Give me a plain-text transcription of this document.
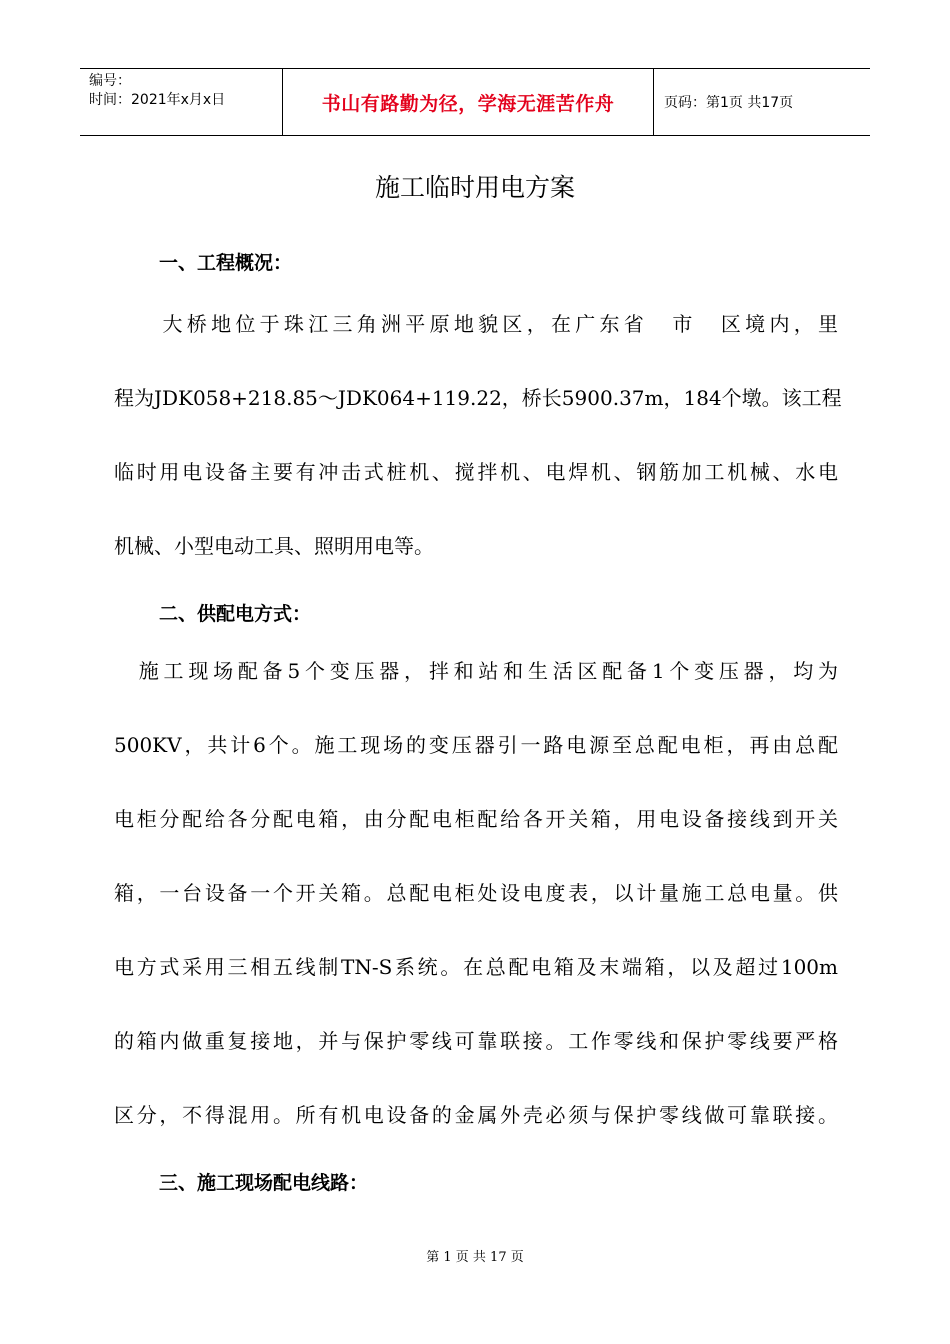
编号：
时间：2021年x月x日	书山有路勤为径，学海无涯苦作舟	页码：第1页 共17页
施工临时用电方案
一、工程概况：
　　大桥地位于珠江三角洲平原地貌区，在广东省　市　区境内，里
程为JDK058+218.85～JDK064+119.22，桥长5900.37m，184个墩。该工程
临时用电设备主要有冲击式桩机、搅拌机、电焊机、钢筋加工机械、水电
机械、小型电动工具、照明用电等。
二、供配电方式：
　施工现场配备5个变压器，拌和站和生活区配备1个变压器，均为
500KV，共计6个。施工现场的变压器引一路电源至总配电柜，再由总配
电柜分配给各分配电箱，由分配电柜配给各开关箱，用电设备接线到开关
箱，一台设备一个开关箱。总配电柜处设电度表，以计量施工总电量。供
电方式采用三相五线制TN-S系统。在总配电箱及末端箱，以及超过100m
的箱内做重复接地，并与保护零线可靠联接。工作零线和保护零线要严格
区分，不得混用。所有机电设备的金属外壳必须与保护零线做可靠联接。
三、施工现场配电线路：
第 1 页 共 17 页
